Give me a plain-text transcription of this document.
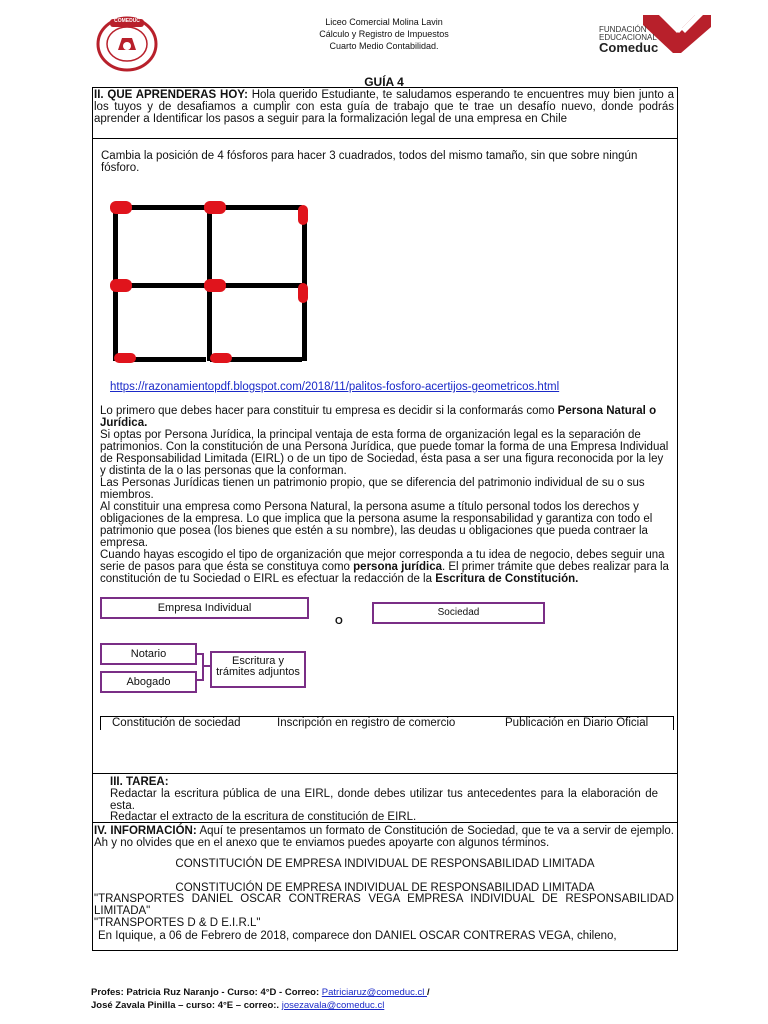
COMEDUC	Liceo Comercial Molina Lavin
Cálculo y Registro de Impuestos
Cuarto Medio Contabilidad.
FUNDACIÓN
EDUCACIONAL
Comeduc
GUÍA 4
II. QUE APRENDERAS HOY: Hola querido Estudiante, te saludamos esperando te encuentres muy bien junto a los tuyos y de desafiamos a cumplir con esta guía de trabajo que te trae un desafío nuevo, donde podrás aprender a Identificar los pasos a seguir para la formalización legal de una empresa en Chile
Cambia la posición de 4 fósforos para hacer 3 cuadrados, todos del mismo tamaño, sin que sobre ningún fósforo.
https://razonamientopdf.blogspot.com/2018/11/palitos-fosforo-acertijos-geometricos.html
Lo primero que debes hacer para constituir tu empresa es decidir si la conformarás como Persona Natural o Jurídica.
Si optas por Persona Jurídica, la principal ventaja de esta forma de organización legal es la separación de patrimonios. Con la constitución de una Persona Jurídica, que puede tomar la forma de una Empresa Individual de Responsabilidad Limitada (EIRL) o de un tipo de Sociedad, ésta pasa a ser una figura reconocida por la ley y distinta de la o las personas que la conforman.
Las Personas Jurídicas tienen un patrimonio propio, que se diferencia del patrimonio individual de su o sus miembros.
Al constituir una empresa como Persona Natural, la persona asume a título personal todos los derechos y obligaciones de la empresa. Lo que implica que la persona asume la responsabilidad y garantiza con todo el patrimonio que posea (los bienes que estén a su nombre), las deudas u obligaciones que pueda contraer la empresa.
Cuando hayas escogido el tipo de organización que mejor corresponda a tu idea de negocio, debes seguir una serie de pasos para que ésta se constituya como persona jurídica. El primer trámite que debes realizar para la constitución de tu Sociedad o EIRL es efectuar la redacción de la Escritura de Constitución.
Empresa Individual
O
Sociedad
Notario
Abogado
Escritura y trámites adjuntos
Constitución de sociedad	Inscripción en registro de comercio	Publicación en Diario Oficial
III. TAREA:
Redactar la escritura pública de una EIRL, donde debes utilizar tus antecedentes para la elaboración de esta.
Redactar el extracto de la escritura de constitución de EIRL.
IV. INFORMACIÓN: Aquí te presentamos un formato de Constitución de Sociedad, que te va a servir de ejemplo. Ah y no olvides que en el anexo que te enviamos puedes apoyarte con algunos términos.
CONSTITUCIÓN DE EMPRESA INDIVIDUAL DE RESPONSABILIDAD LIMITADA
CONSTITUCIÓN DE EMPRESA INDIVIDUAL DE RESPONSABILIDAD LIMITADA
"TRANSPORTES DANIEL OSCAR CONTRERAS VEGA EMPRESA INDIVIDUAL DE RESPONSABILIDAD LIMITADA"
"TRANSPORTES D & D E.I.R.L"
En Iquique, a 06 de Febrero de 2018, comparece don DANIEL OSCAR CONTRERAS VEGA, chileno,
Profes: Patricia Ruz Naranjo - Curso: 4°D - Correo: Patriciaruz@comeduc.cl /
José Zavala Pinilla – curso: 4°E – correo:. josezavala@comeduc.cl
